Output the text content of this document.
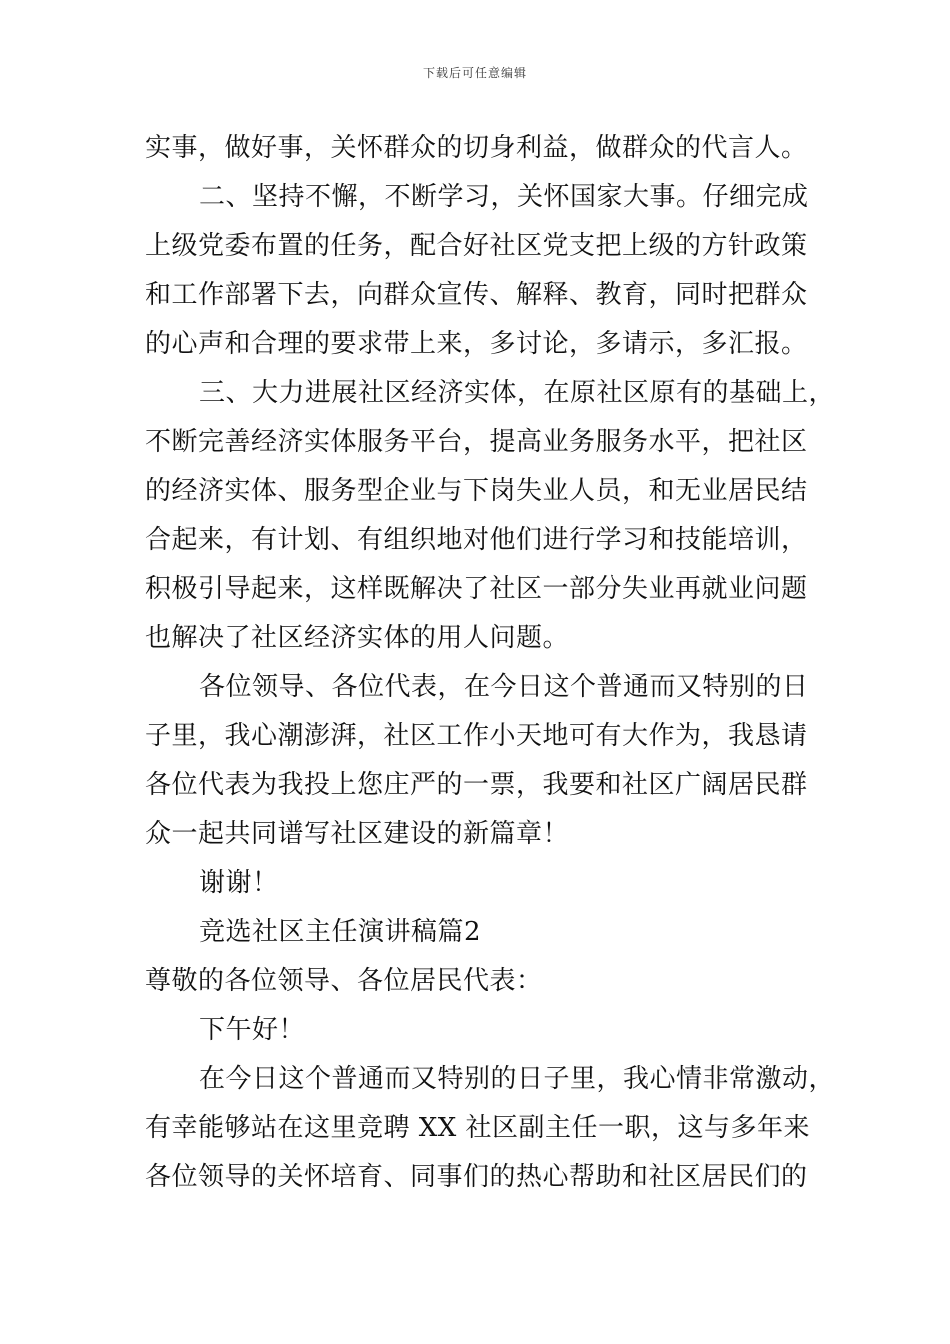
下载后可任意编辑
实事，做好事，关怀群众的切身利益，做群众的代言人。
二、坚持不懈，不断学习，关怀国家大事。仔细完成
上级党委布置的任务，配合好社区党支把上级的方针政策
和工作部署下去，向群众宣传、解释、教育，同时把群众
的心声和合理的要求带上来，多讨论，多请示，多汇报。
三、大力进展社区经济实体，在原社区原有的基础上，
不断完善经济实体服务平台，提高业务服务水平，把社区
的经济实体、服务型企业与下岗失业人员，和无业居民结
合起来，有计划、有组织地对他们进行学习和技能培训，
积极引导起来，这样既解决了社区一部分失业再就业问题
也解决了社区经济实体的用人问题。
各位领导、各位代表，在今日这个普通而又特别的日
子里，我心潮澎湃，社区工作小天地可有大作为，我恳请
各位代表为我投上您庄严的一票，我要和社区广阔居民群
众一起共同谱写社区建设的新篇章！
谢谢！
竞选社区主任演讲稿篇2
尊敬的各位领导、各位居民代表：
下午好！
在今日这个普通而又特别的日子里，我心情非常激动，
有幸能够站在这里竞聘 XX 社区副主任一职，这与多年来
各位领导的关怀培育、同事们的热心帮助和社区居民们的
